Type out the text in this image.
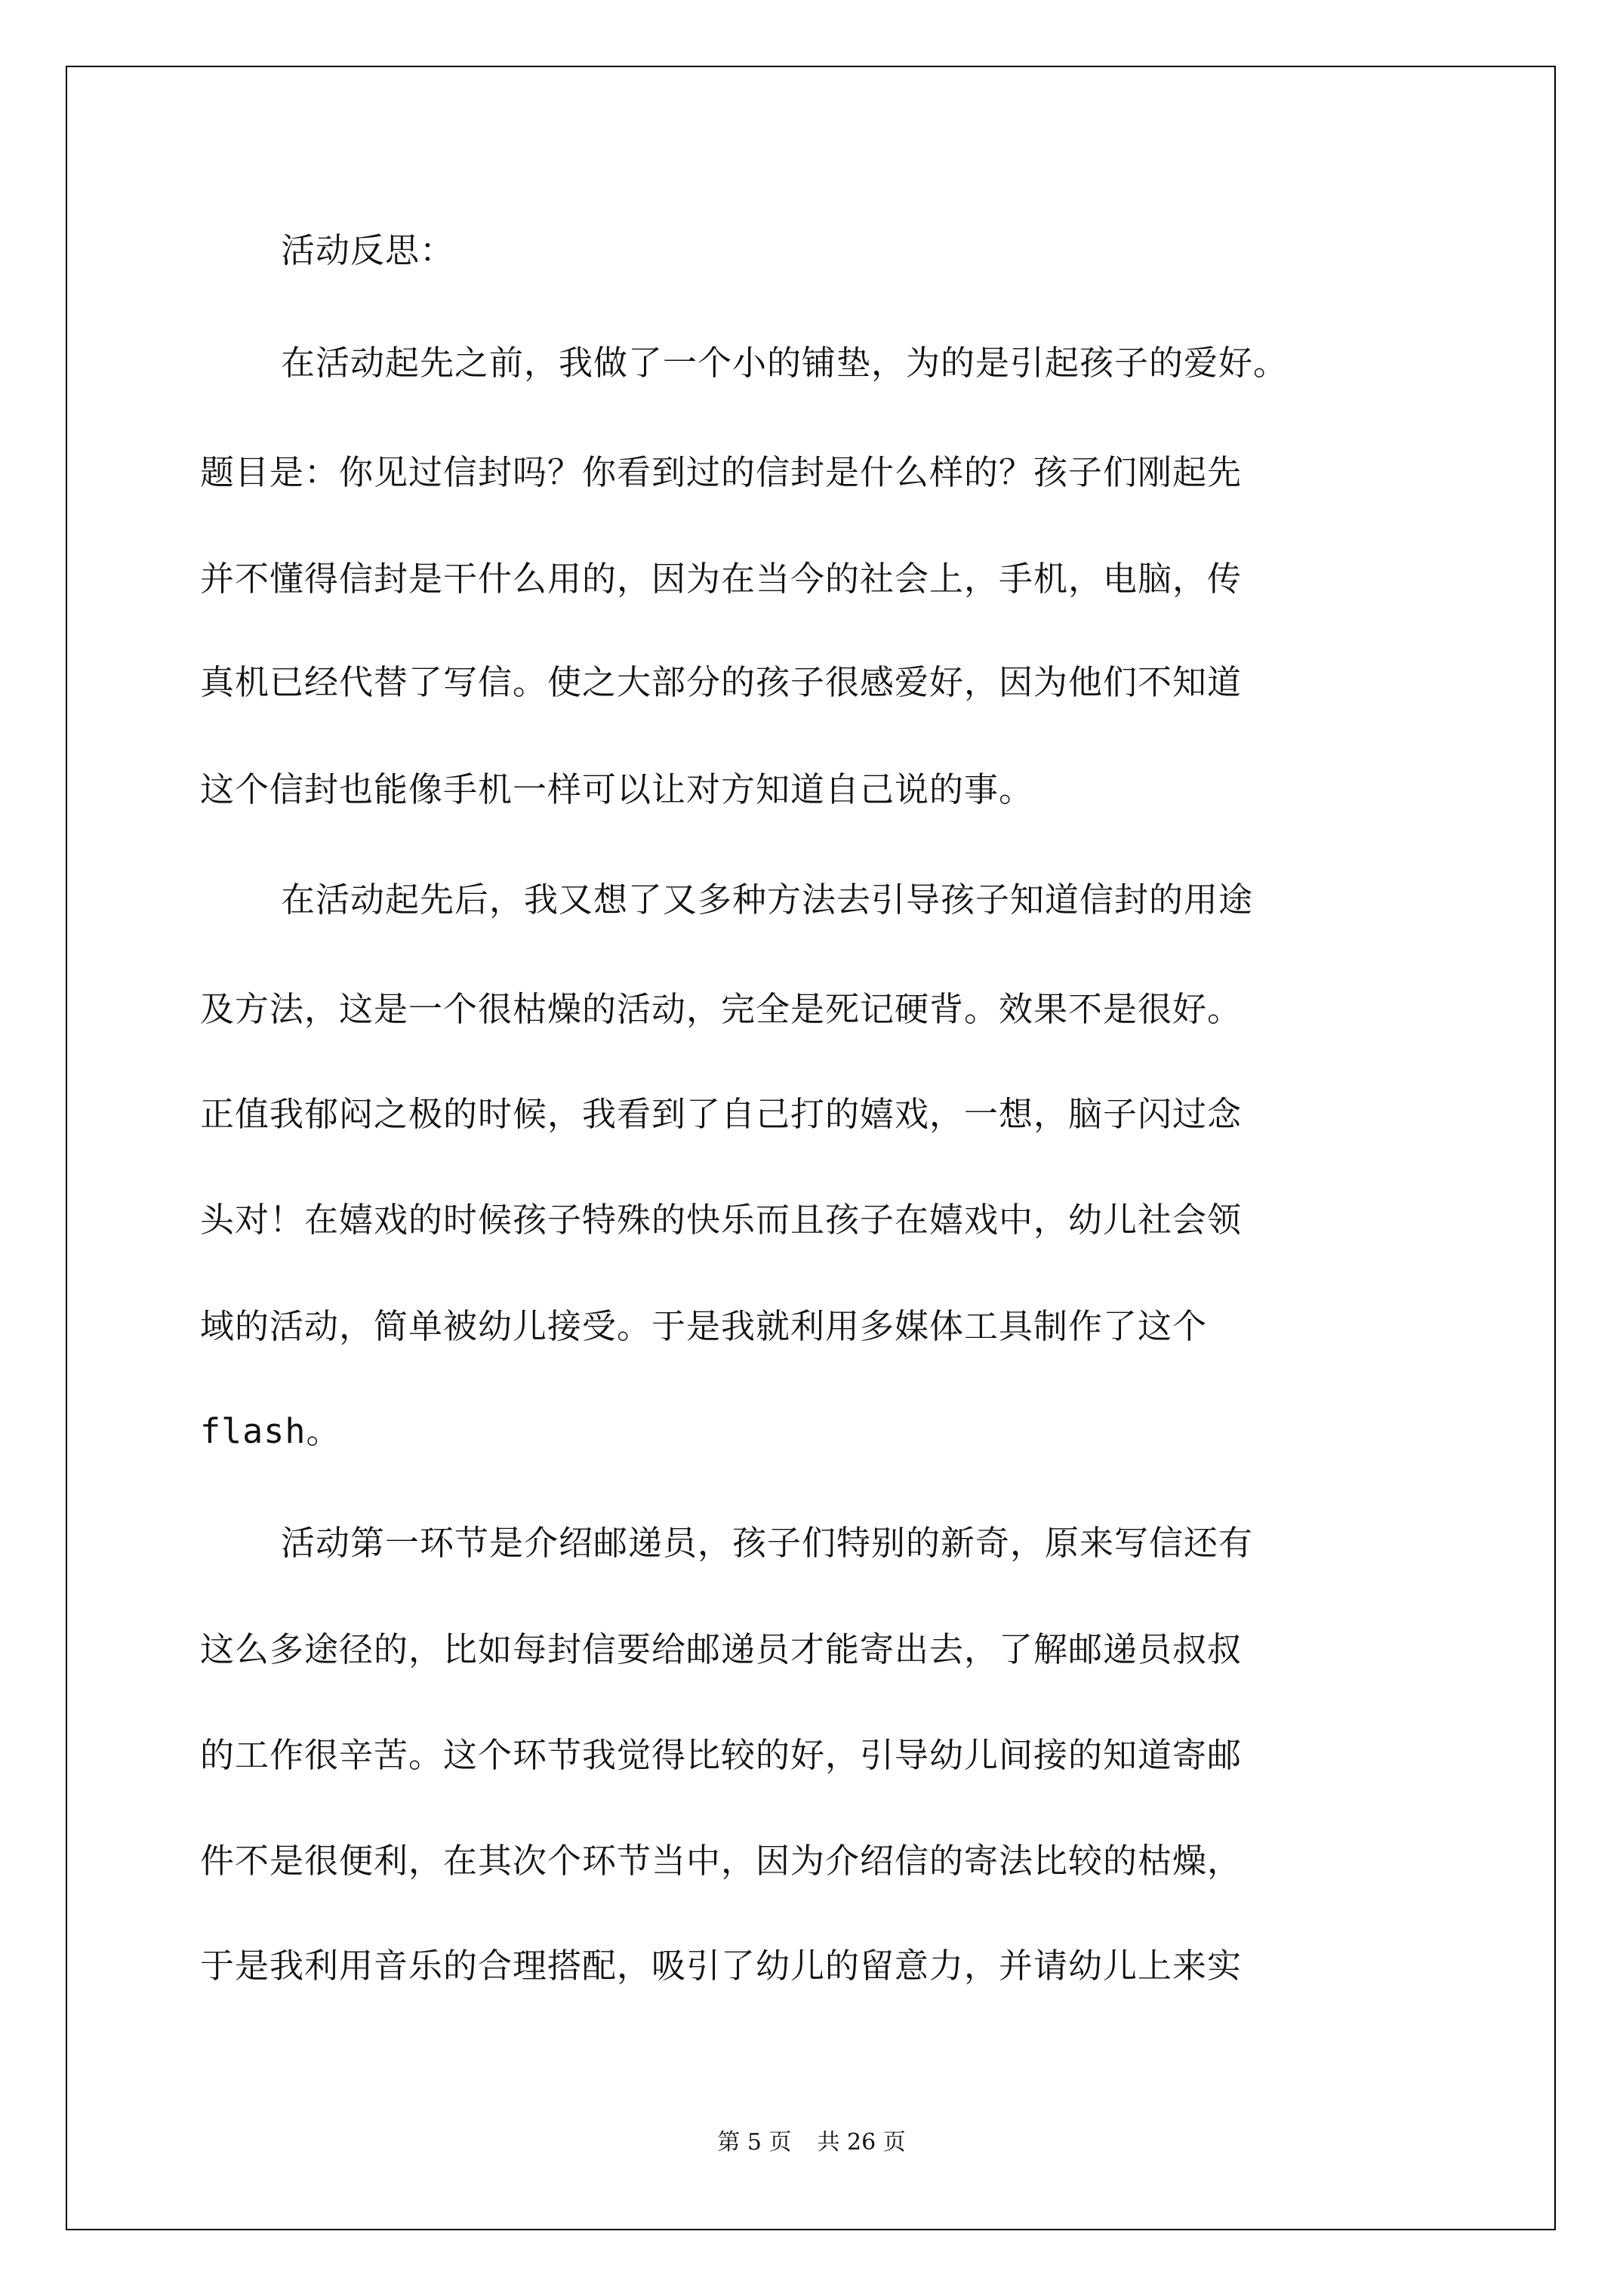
活动反思：

在活动起先之前，我做了一个小的铺垫，为的是引起孩子的爱好。

题目是：你见过信封吗？你看到过的信封是什么样的？孩子们刚起先

并不懂得信封是干什么用的，因为在当今的社会上，手机，电脑，传

真机已经代替了写信。使之大部分的孩子很感爱好，因为他们不知道

这个信封也能像手机一样可以让对方知道自己说的事。

在活动起先后，我又想了又多种方法去引导孩子知道信封的用途

及方法，这是一个很枯燥的活动，完全是死记硬背。效果不是很好。

正值我郁闷之极的时候，我看到了自己打的嬉戏，一想，脑子闪过念

头对！在嬉戏的时候孩子特殊的快乐而且孩子在嬉戏中，幼儿社会领

域的活动，简单被幼儿接受。于是我就利用多媒体工具制作了这个

flash。

活动第一环节是介绍邮递员，孩子们特别的新奇，原来写信还有

这么多途径的，比如每封信要给邮递员才能寄出去，了解邮递员叔叔

的工作很辛苦。这个环节我觉得比较的好，引导幼儿间接的知道寄邮

件不是很便利，在其次个环节当中，因为介绍信的寄法比较的枯燥，

于是我利用音乐的合理搭配，吸引了幼儿的留意力，并请幼儿上来实

第 5 页 共 26 页
